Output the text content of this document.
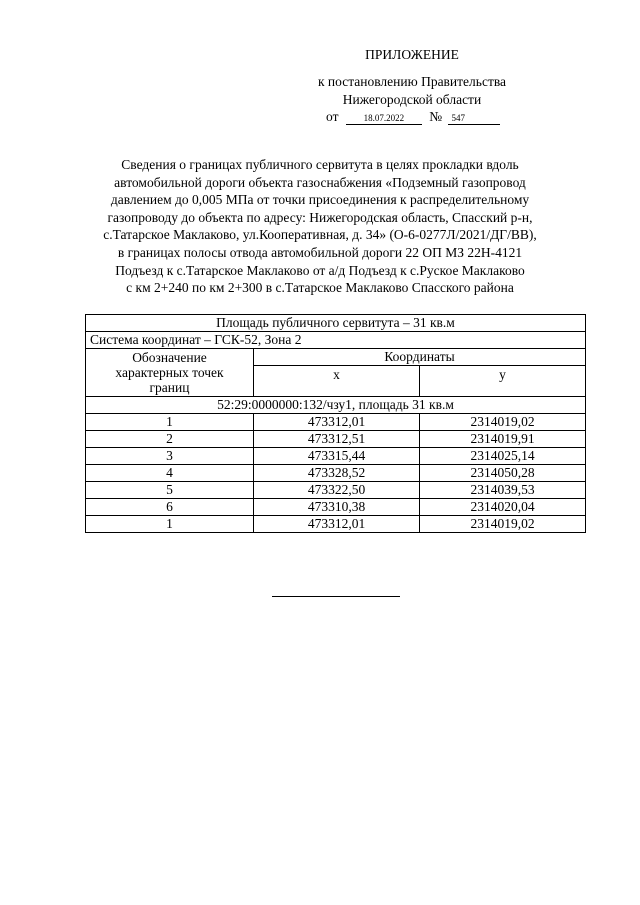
ПРИЛОЖЕНИЕ
к постановлению Правительства
Нижегородской области
от	18.07.2022 № 547
Сведения о границах публичного сервитута в целях прокладки вдоль
автомобильной дороги объекта газоснабжения «Подземный газопровод
давлением до 0,005 МПа от точки присоединения к распределительному
газопроводу до объекта по адресу: Нижегородская область, Спасский р-н,
с.Татарское Маклаково, ул.Кооперативная, д. 34» (О-6-0277Л/2021/ДГ/ВВ),
в границах полосы отвода автомобильной дороги 22 ОП МЗ 22Н-4121
Подъезд к с.Татарское Маклаково от а/д Подъезд к с.Руское Маклаково
с км 2+240 по км 2+300 в с.Татарское Маклаково Спасского района
Площадь публичного сервитута – 31 кв.м		
Система координат – ГСК-52, Зона 2		
Обозначение характерных точек границ	Координаты	
	x	y
52:29:0000000:132/чзу1, площадь 31 кв.м		
1	473312,01	2314019,02
2	473312,51	2314019,91
3	473315,44	2314025,14
4	473328,52	2314050,28
5	473322,50	2314039,53
6	473310,38	2314020,04
1	473312,01	2314019,02
